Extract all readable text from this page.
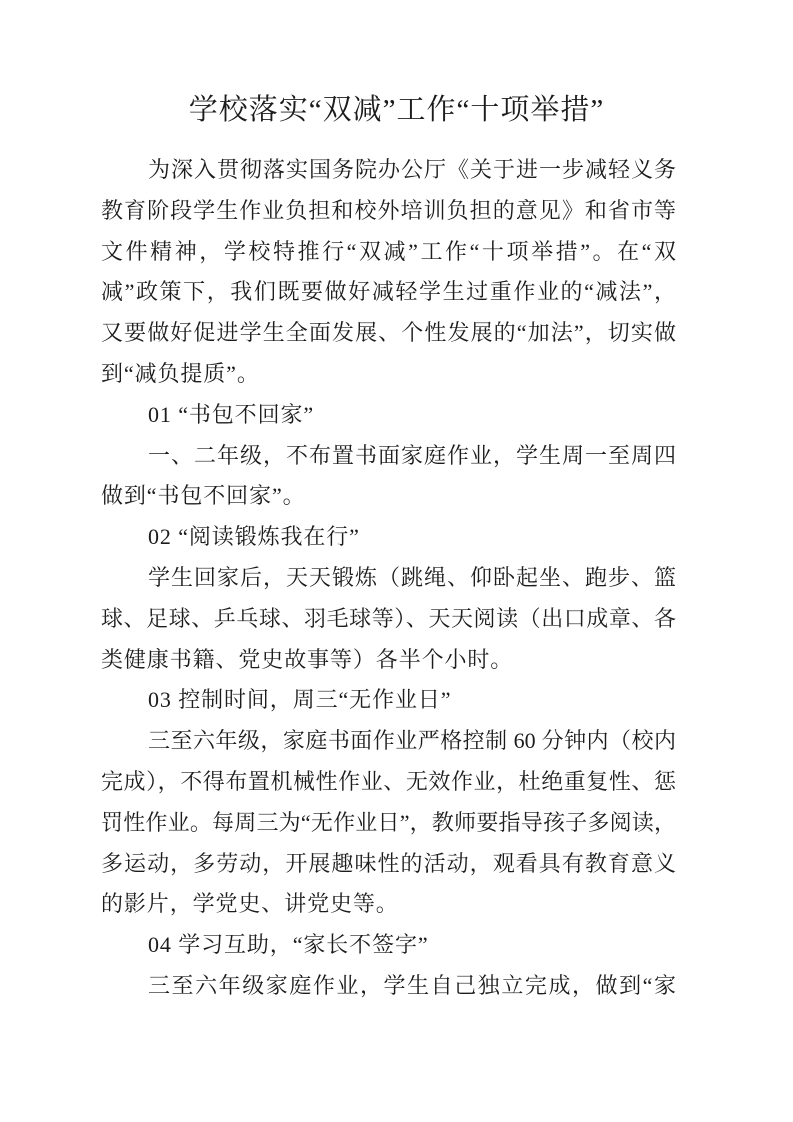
学校落实“双减”工作“十项举措”
为深入贯彻落实国务院办公厅《关于进一步减轻义务
教育阶段学生作业负担和校外培训负担的意见》和省市等
文件精神，学校特推行“双减”工作“十项举措”。在“双
减”政策下，我们既要做好减轻学生过重作业的“减法”，
又要做好促进学生全面发展、个性发展的“加法”，切实做
到“减负提质”。
01 “书包不回家”
一、二年级，不布置书面家庭作业，学生周一至周四
做到“书包不回家”。
02 “阅读锻炼我在行”
学生回家后，天天锻炼（跳绳、仰卧起坐、跑步、篮
球、足球、乒乓球、羽毛球等）、天天阅读（出口成章、各
类健康书籍、党史故事等）各半个小时。
03 控制时间，周三“无作业日”
三至六年级，家庭书面作业严格控制 60 分钟内（校内
完成），不得布置机械性作业、无效作业，杜绝重复性、惩
罚性作业。每周三为“无作业日”，教师要指导孩子多阅读，
多运动，多劳动，开展趣味性的活动，观看具有教育意义
的影片，学党史、讲党史等。
04 学习互助，“家长不签字”
三至六年级家庭作业，学生自己独立完成，做到“家
